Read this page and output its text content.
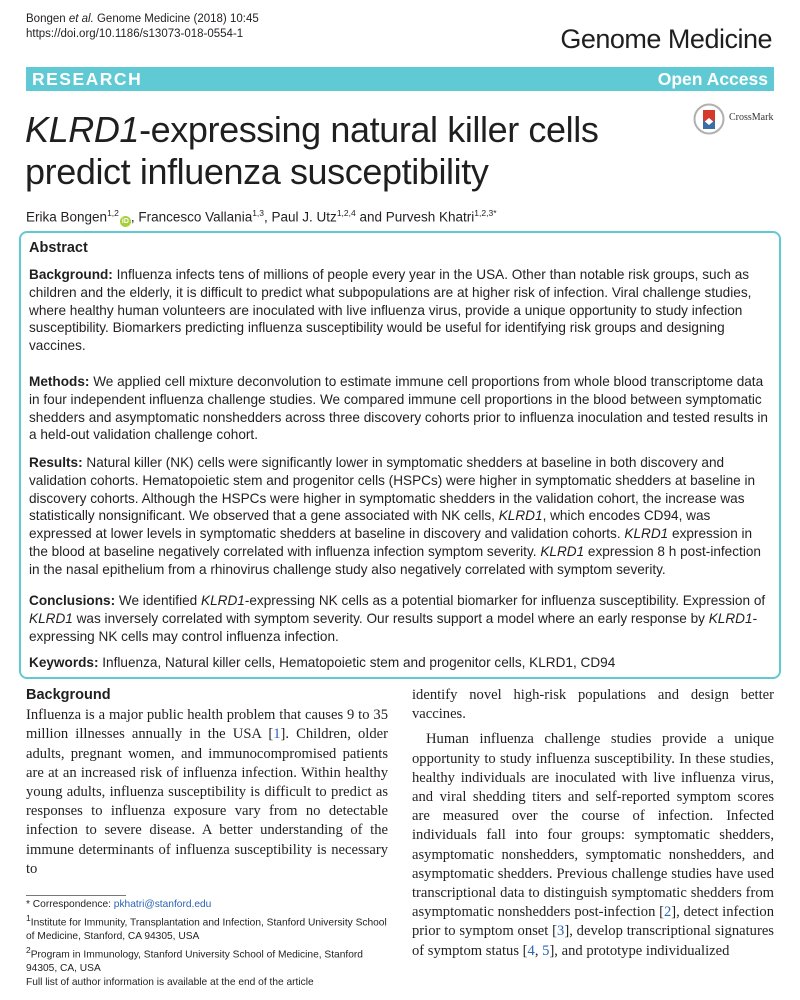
Bongen et al. Genome Medicine (2018) 10:45
https://doi.org/10.1186/s13073-018-0554-1	Genome Medicine
RESEARCH	Open Access
CrossMark
KLRD1-expressing natural killer cells predict influenza susceptibility
Erika Bongen$^{1,2}$iD , Francesco Vallania$^{1,3}$, Paul J. Utz$^{1,2,4}$ and Purvesh Khatri$^{1,2,3*}$
Abstract

Background: Influenza infects tens of millions of people every year in the USA. Other than notable risk groups, such as children and the elderly, it is difficult to predict what subpopulations are at higher risk of infection. Viral challenge studies, where healthy human volunteers are inoculated with live influenza virus, provide a unique opportunity to study infection susceptibility. Biomarkers predicting influenza susceptibility would be useful for identifying risk groups and designing vaccines.

Methods: We applied cell mixture deconvolution to estimate immune cell proportions from whole blood transcriptome data in four independent influenza challenge studies. We compared immune cell proportions in the blood between symptomatic shedders and asymptomatic nonshedders across three discovery cohorts prior to influenza inoculation and tested results in a held-out validation challenge cohort.

Results: Natural killer (NK) cells were significantly lower in symptomatic shedders at baseline in both discovery and validation cohorts. Hematopoietic stem and progenitor cells (HSPCs) were higher in symptomatic shedders at baseline in discovery cohorts. Although the HSPCs were higher in symptomatic shedders in the validation cohort, the increase was statistically nonsignificant. We observed that a gene associated with NK cells, KLRD1, which encodes CD94, was expressed at lower levels in symptomatic shedders at baseline in discovery and validation cohorts. KLRD1 expression in the blood at baseline negatively correlated with influenza infection symptom severity. KLRD1 expression 8 h post-infection in the nasal epithelium from a rhinovirus challenge study also negatively correlated with symptom severity.

Conclusions: We identified KLRD1-expressing NK cells as a potential biomarker for influenza susceptibility. Expression of KLRD1 was inversely correlated with symptom severity. Our results support a model where an early response by KLRD1-expressing NK cells may control influenza infection.

Keywords: Influenza, Natural killer cells, Hematopoietic stem and progenitor cells, KLRD1, CD94

Background

Influenza is a major public health problem that causes 9 to 35 million illnesses annually in the USA [1]. Children, older adults, pregnant women, and immunocompromised patients are at an increased risk of influenza infection. Within healthy young adults, influenza susceptibility is difficult to predict as responses to influenza exposure vary from no detectable infection to severe disease. A better understanding of the immune determinants of influenza susceptibility is necessary to

identify novel high-risk populations and design better vaccines.

Human influenza challenge studies provide a unique opportunity to study influenza susceptibility. In these studies, healthy individuals are inoculated with live influenza virus, and viral shedding titers and self-reported symptom scores are measured over the course of infection. Infected individuals fall into four groups: symptomatic shedders, asymptomatic nonshedders, symptomatic nonshedders, and asymptomatic shedders. Previous challenge studies have used transcriptional data to distinguish symptomatic shedders from asymptomatic nonshedders post-infection [2], detect infection prior to symptom onset [3], develop transcriptional signatures of symptom status [4, 5], and prototype individualized

* Correspondence: pkhatri@stanford.edu
$^1$Institute for Immunity, Transplantation and Infection, Stanford University School of Medicine, Stanford, CA 94305, USA
$^2$Program in Immunology, Stanford University School of Medicine, Stanford 94305, CA, USA
Full list of author information is available at the end of the article
